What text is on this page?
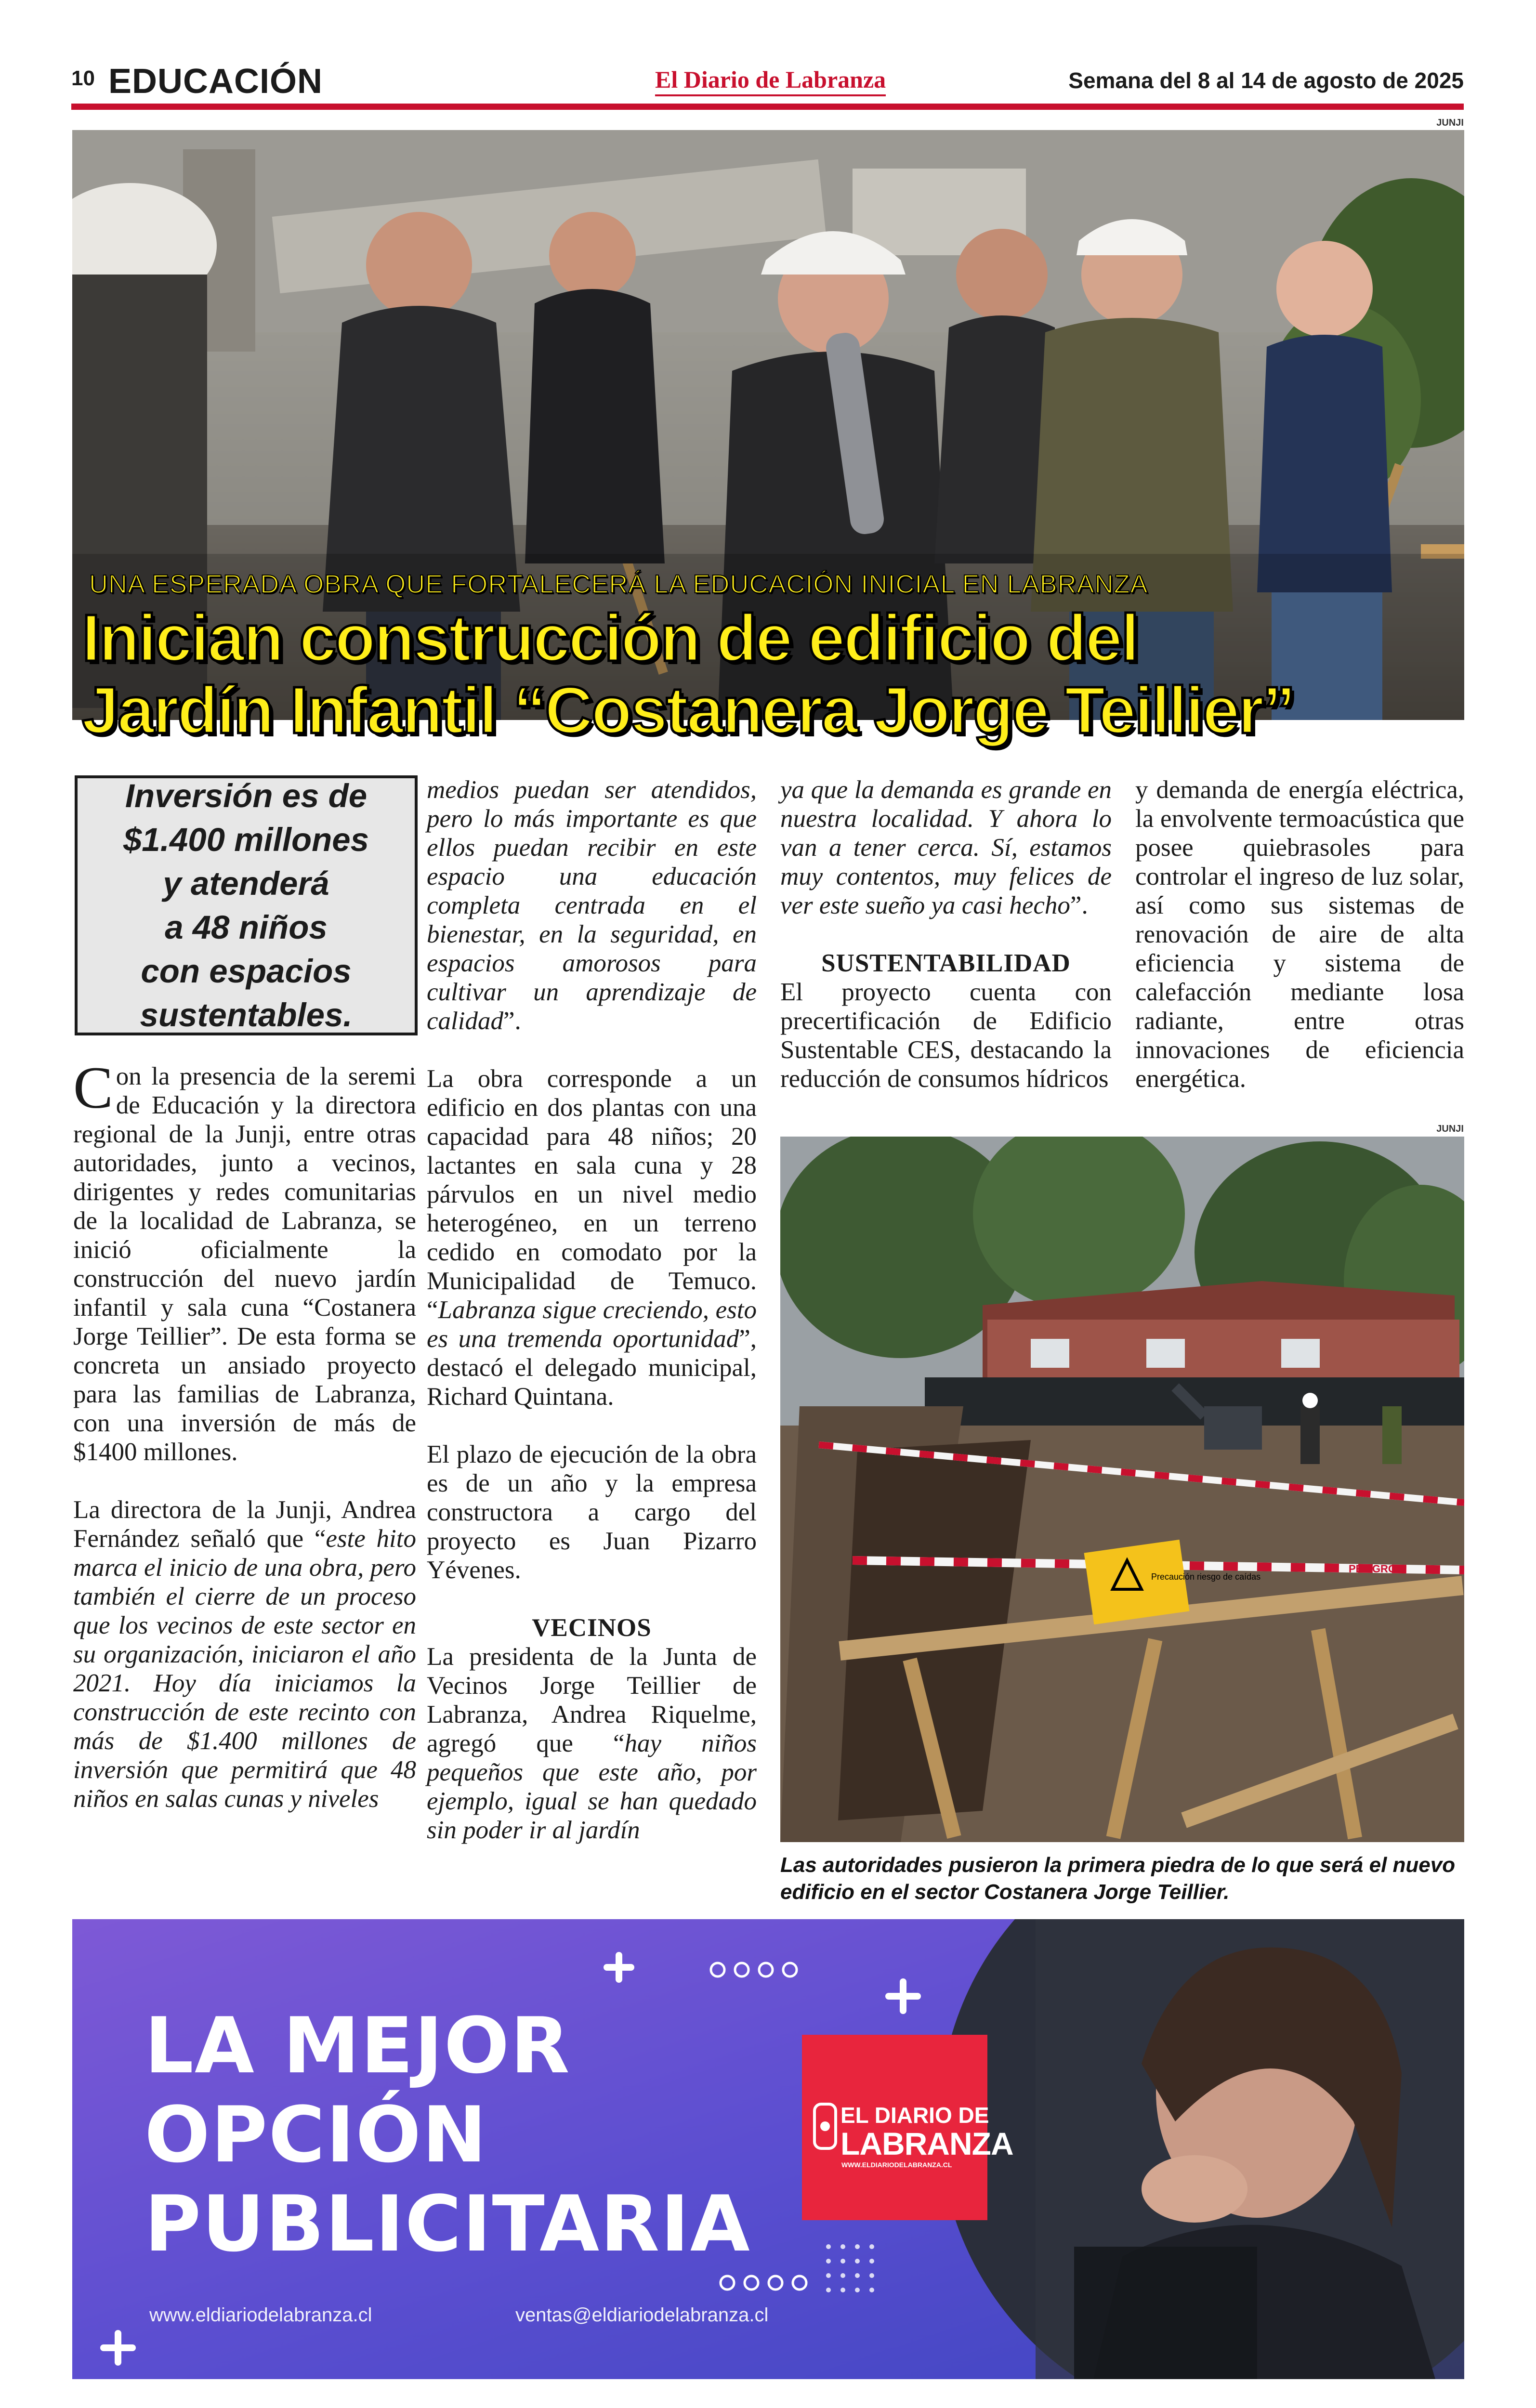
10 EDUCACIÓN	El Diario de Labranza	Semana del 8 al 14 de agosto de 2025
JUNJI
UNA ESPERADA OBRA QUE FORTALECERÁ LA EDUCACIÓN INICIAL EN LABRANZA
Inician construcción de edificio del
Jardín Infantil “Costanera Jorge Teillier”
Inversión es de
$1.400 millones
y atenderá
a 48 niños
con espacios
sustentables.

Con la presencia de la seremi de Educación y la directora regional de la Junji, entre otras autoridades, junto a vecinos, dirigentes y redes comunitarias de la localidad de Labranza, se inició oficialmente la construcción del nuevo jardín infantil y sala cuna “Costanera Jorge Teillier”. De esta forma se concreta un ansiado proyecto para las familias de Labranza, con una inversión de más de $1400 millones.

La directora de la Junji, Andrea Fernández señaló que “este hito marca el inicio de una obra, pero también el cierre de un proceso que los vecinos de este sector en su organización, iniciaron el año 2021. Hoy día iniciamos la construcción de este recinto con más de $1.400 millones de inversión que permitirá que 48 niños en salas cunas y niveles

medios puedan ser atendidos, pero lo más importante es que ellos puedan recibir en este espacio una educación completa centrada en el bienestar, en la seguridad, en espacios amorosos para cultivar un aprendizaje de calidad”.

La obra corresponde a un edificio en dos plantas con una capacidad para 48 niños; 20 lactantes en sala cuna y 28 párvulos en un nivel medio heterogéneo, en un terreno cedido en comodato por la Municipalidad de Temuco. “Labranza sigue creciendo, esto es una tremenda oportunidad”, destacó el delegado municipal, Richard Quintana.

El plazo de ejecución de la obra es de un año y la empresa constructora a cargo del proyecto es Juan Pizarro Yévenes.

VECINOS

La presidenta de la Junta de Vecinos Jorge Teillier de Labranza, Andrea Riquelme, agregó que “hay niños pequeños que este año, por ejemplo, igual se han quedado sin poder ir al jardín

ya que la demanda es grande en nuestra localidad. Y ahora lo van a tener cerca. Sí, estamos muy contentos, muy felices de ver este sueño ya casi hecho”.

SUSTENTABILIDAD

El proyecto cuenta con precertificación de Edificio Sustentable CES, destacando la reducción de consumos hídricos

y demanda de energía eléctrica, la envolvente termoacústica que posee quiebrasoles para controlar el ingreso de luz solar, así como sus sistemas de renovación de aire de alta eficiencia y sistema de calefacción mediante losa radiante, entre otras innovaciones de eficiencia energética.

JUNJI
Precaución riesgo de caídas
PELIGRO
Las autoridades pusieron la primera piedra de lo que será el nuevo edificio en el sector Costanera Jorge Teillier.
LA MEJOR
OPCIÓN
PUBLICITARIA
www.eldiariodelabranza.cl	ventas@eldiariodelabranza.cl
EL DIARIO DE
LABRANZA
WWW.ELDIARIODELABRANZA.CL
